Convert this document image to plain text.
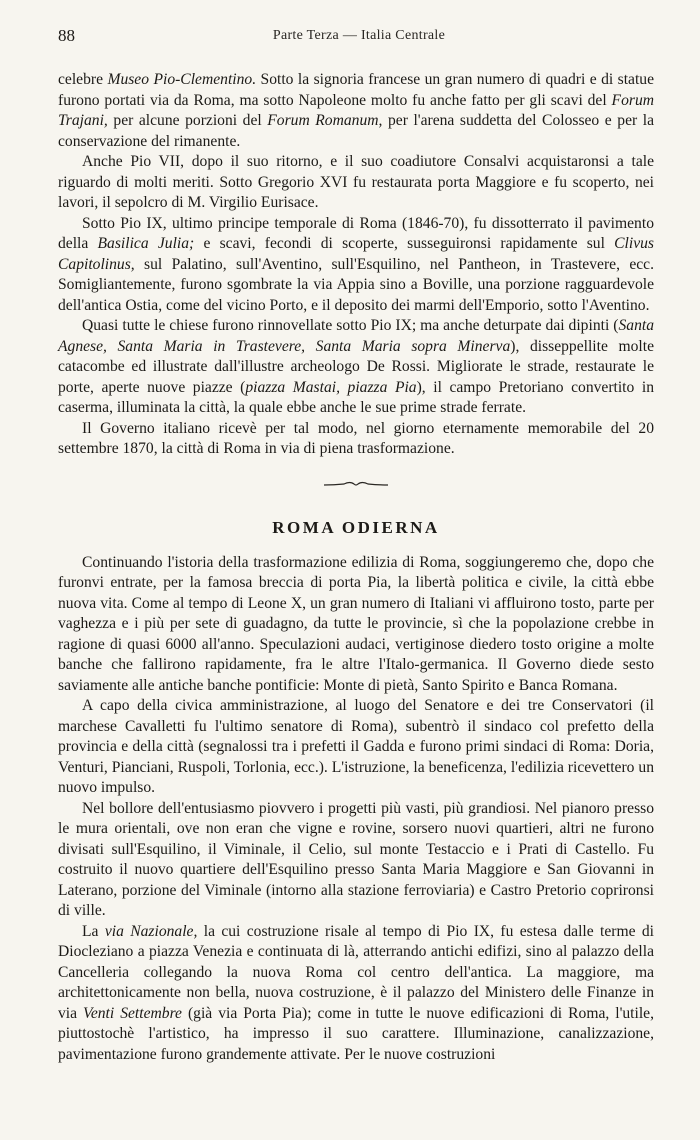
88	Parte Terza — Italia Centrale

celebre Museo Pio-Clementino. Sotto la signoria francese un gran numero di quadri e di statue furono portati via da Roma, ma sotto Napoleone molto fu anche fatto per gli scavi del Forum Trajani, per alcune porzioni del Forum Romanum, per l'arena suddetta del Colosseo e per la conservazione del rimanente.

Anche Pio VII, dopo il suo ritorno, e il suo coadiutore Consalvi acquistaronsi a tale riguardo di molti meriti. Sotto Gregorio XVI fu restaurata porta Maggiore e fu scoperto, nei lavori, il sepolcro di M. Virgilio Eurisace.

Sotto Pio IX, ultimo principe temporale di Roma (1846-70), fu dissotterrato il pavimento della Basilica Julia; e scavi, fecondi di scoperte, susseguironsi rapidamente sul Clivus Capitolinus, sul Palatino, sull'Aventino, sull'Esquilino, nel Pantheon, in Trastevere, ecc. Somigliantemente, furono sgombrate la via Appia sino a Boville, una porzione ragguardevole dell'antica Ostia, come del vicino Porto, e il deposito dei marmi dell'Emporio, sotto l'Aventino.

Quasi tutte le chiese furono rinnovellate sotto Pio IX; ma anche deturpate dai dipinti (Santa Agnese, Santa Maria in Trastevere, Santa Maria sopra Minerva), disseppellite molte catacombe ed illustrate dall'illustre archeologo De Rossi. Migliorate le strade, restaurate le porte, aperte nuove piazze (piazza Mastai, piazza Pia), il campo Pretoriano convertito in caserma, illuminata la città, la quale ebbe anche le sue prime strade ferrate.

Il Governo italiano ricevè per tal modo, nel giorno eternamente memorabile del 20 settembre 1870, la città di Roma in via di piena trasformazione.

ROMA ODIERNA

Continuando l'istoria della trasformazione edilizia di Roma, soggiungeremo che, dopo che furonvi entrate, per la famosa breccia di porta Pia, la libertà politica e civile, la città ebbe nuova vita. Come al tempo di Leone X, un gran numero di Italiani vi affluirono tosto, parte per vaghezza e i più per sete di guadagno, da tutte le provincie, sì che la popolazione crebbe in ragione di quasi 6000 all'anno. Speculazioni audaci, vertiginose diedero tosto origine a molte banche che fallirono rapidamente, fra le altre l'Italo-germanica. Il Governo diede sesto saviamente alle antiche banche pontificie: Monte di pietà, Santo Spirito e Banca Romana.

A capo della civica amministrazione, al luogo del Senatore e dei tre Conservatori (il marchese Cavalletti fu l'ultimo senatore di Roma), subentrò il sindaco col prefetto della provincia e della città (segnalossi tra i prefetti il Gadda e furono primi sindaci di Roma: Doria, Venturi, Pianciani, Ruspoli, Torlonia, ecc.). L'istruzione, la beneficenza, l'edilizia ricevettero un nuovo impulso.

Nel bollore dell'entusiasmo piovvero i progetti più vasti, più grandiosi. Nel pianoro presso le mura orientali, ove non eran che vigne e rovine, sorsero nuovi quartieri, altri ne furono divisati sull'Esquilino, il Viminale, il Celio, sul monte Testaccio e i Prati di Castello. Fu costruito il nuovo quartiere dell'Esquilino presso Santa Maria Maggiore e San Giovanni in Laterano, porzione del Viminale (intorno alla stazione ferroviaria) e Castro Pretorio coprironsi di ville.

La via Nazionale, la cui costruzione risale al tempo di Pio IX, fu estesa dalle terme di Diocleziano a piazza Venezia e continuata di là, atterrando antichi edifizi, sino al palazzo della Cancelleria collegando la nuova Roma col centro dell'antica. La maggiore, ma architettonicamente non bella, nuova costruzione, è il palazzo del Ministero delle Finanze in via Venti Settembre (già via Porta Pia); come in tutte le nuove edificazioni di Roma, l'utile, piuttostochè l'artistico, ha impresso il suo carattere. Illuminazione, canalizzazione, pavimentazione furono grandemente attivate. Per le nuove costruzioni
